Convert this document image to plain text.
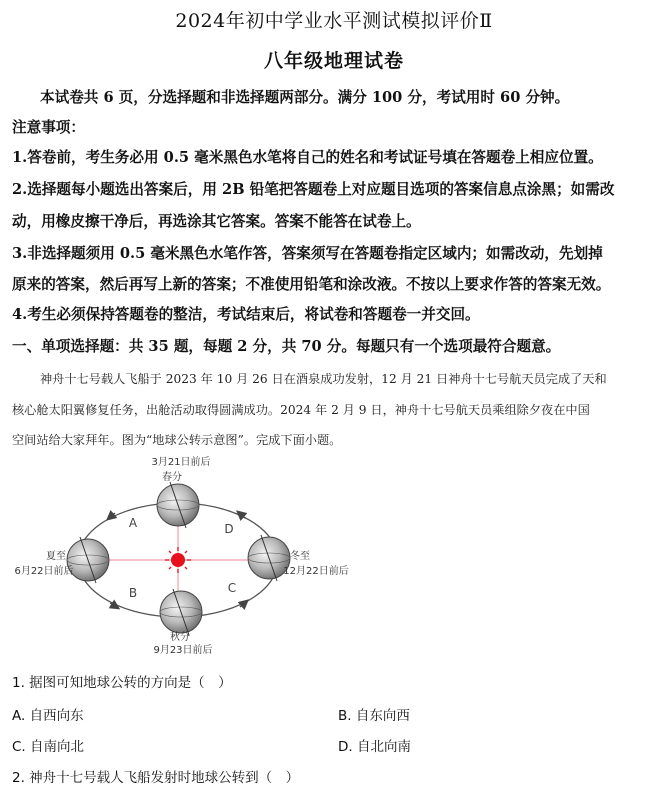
2024年初中学业水平测试模拟评价Ⅱ
八年级地理试卷
本试卷共 6 页，分选择题和非选择题两部分。满分 100 分，考试用时 60 分钟。
注意事项：
1.答卷前，考生务必用 0.5 毫米黑色水笔将自己的姓名和考试证号填在答题卷上相应位置。
2.选择题每小题选出答案后，用 2B 铅笔把答题卷上对应题目选项的答案信息点涂黑；如需改
动，用橡皮擦干净后，再选涂其它答案。答案不能答在试卷上。
3.非选择题须用 0.5 毫米黑色水笔作答，答案须写在答题卷指定区域内；如需改动，先划掉
原来的答案，然后再写上新的答案；不准使用铅笔和涂改液。不按以上要求作答的答案无效。
4.考生必须保持答题卷的整洁，考试结束后，将试卷和答题卷一并交回。
一、单项选择题：共 35 题，每题 2 分，共 70 分。每题只有一个选项最符合题意。
神舟十七号载人飞船于 2023 年 10 月 26 日在酒泉成功发射，12 月 21 日神舟十七号航天员完成了天和
核心舱太阳翼修复任务，出舱活动取得圆满成功。2024 年 2 月 9 日，神舟十七号航天员乘组除夕夜在中国
空间站给大家拜年。图为“地球公转示意图”。完成下面小题。
3月21日前后
春分
夏至
6月22日前后
冬至
12月22日前后
秋分
9月23日前后
A	D
B	C
1. 据图可知地球公转的方向是（　）
A. 自西向东	B. 自东向西
C. 自南向北	D. 自北向南
2. 神舟十七号载人飞船发射时地球公转到（　）
